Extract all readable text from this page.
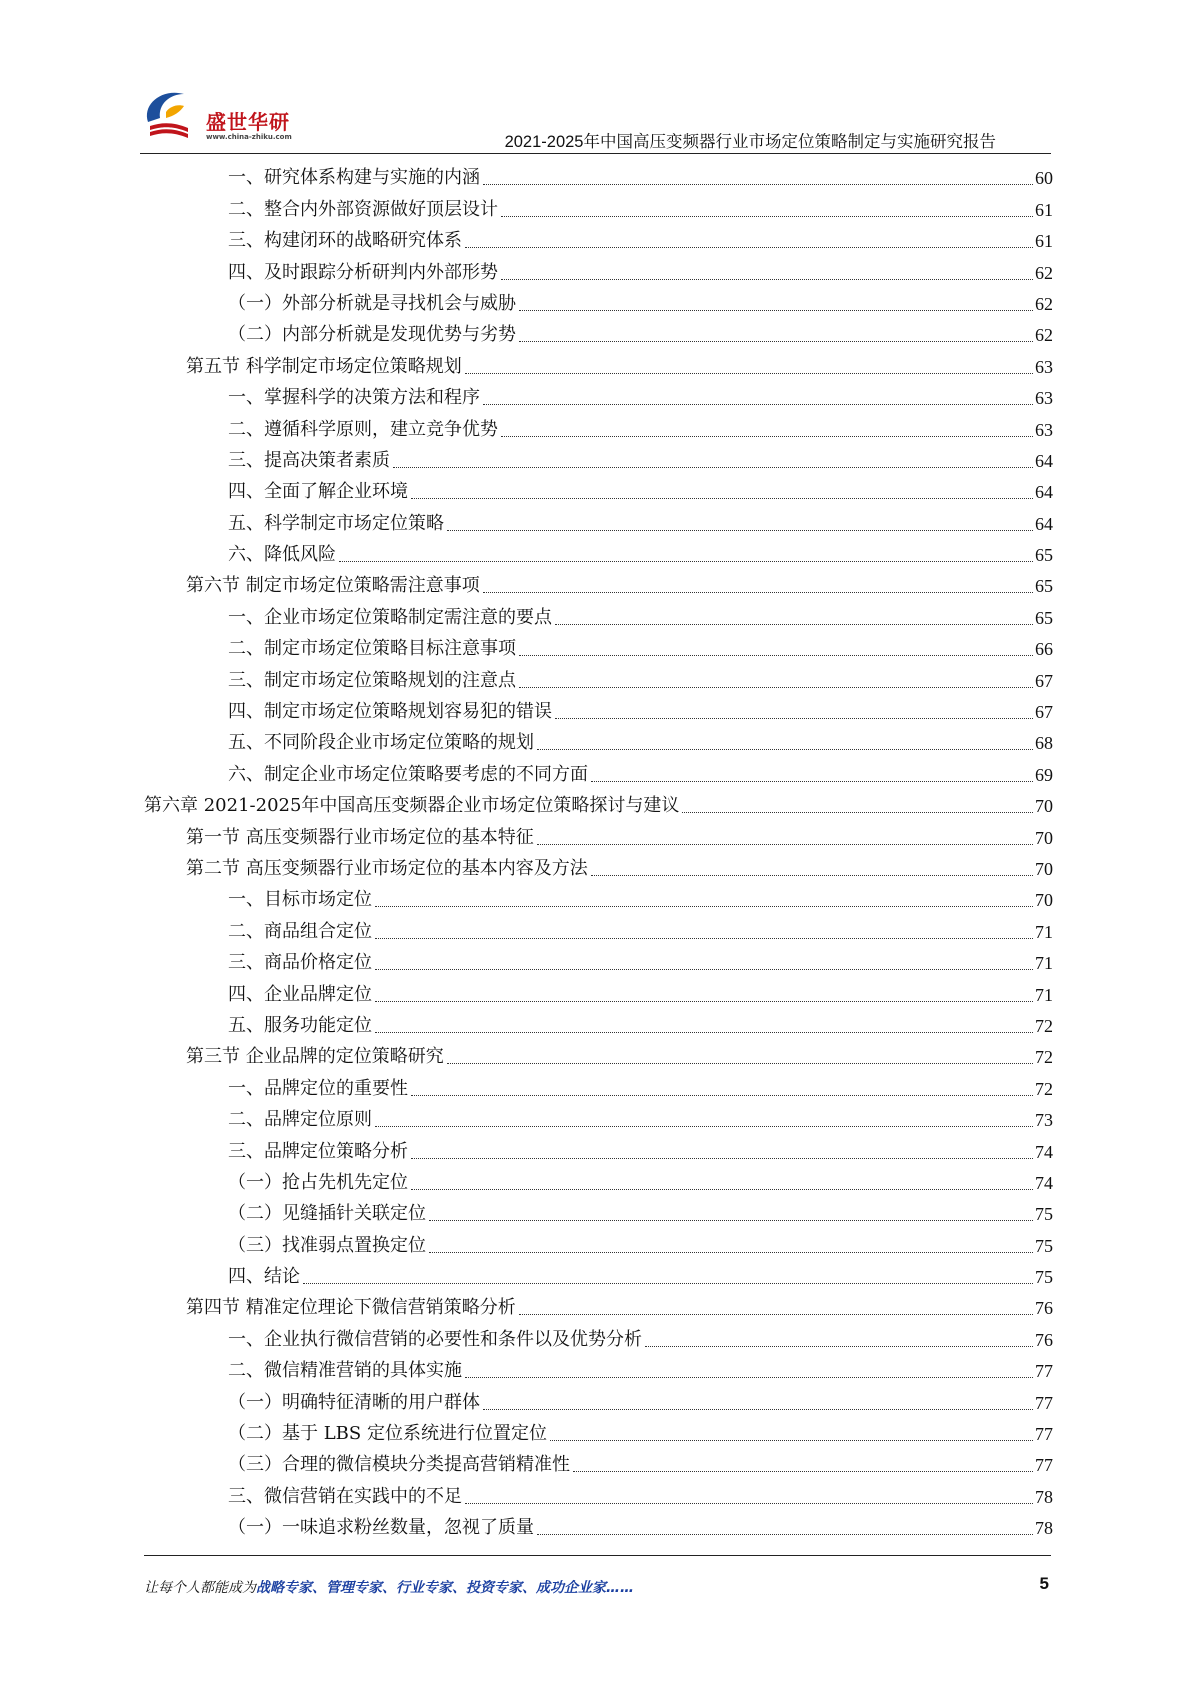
盛世华研
www.china-zhiku.com	2021-2025年中国高压变频器行业市场定位策略制定与实施研究报告
一、研究体系构建与实施的内涵	60
二、整合内外部资源做好顶层设计	61
三、构建闭环的战略研究体系	61
四、及时跟踪分析研判内外部形势	62
（一）外部分析就是寻找机会与威胁	62
（二）内部分析就是发现优势与劣势	62
第五节 科学制定市场定位策略规划	63
一、掌握科学的决策方法和程序	63
二、遵循科学原则，建立竞争优势	63
三、提高决策者素质	64
四、全面了解企业环境	64
五、科学制定市场定位策略	64
六、降低风险	65
第六节 制定市场定位策略需注意事项	65
一、企业市场定位策略制定需注意的要点	65
二、制定市场定位策略目标注意事项	66
三、制定市场定位策略规划的注意点	67
四、制定市场定位策略规划容易犯的错误	67
五、不同阶段企业市场定位策略的规划	68
六、制定企业市场定位策略要考虑的不同方面	69
第六章 2021-2025年中国高压变频器企业市场定位策略探讨与建议	70
第一节 高压变频器行业市场定位的基本特征	70
第二节 高压变频器行业市场定位的基本内容及方法	70
一、目标市场定位	70
二、商品组合定位	71
三、商品价格定位	71
四、企业品牌定位	71
五、服务功能定位	72
第三节 企业品牌的定位策略研究	72
一、品牌定位的重要性	72
二、品牌定位原则	73
三、品牌定位策略分析	74
（一）抢占先机先定位	74
（二）见缝插针关联定位	75
（三）找准弱点置换定位	75
四、结论	75
第四节 精准定位理论下微信营销策略分析	76
一、企业执行微信营销的必要性和条件以及优势分析	76
二、微信精准营销的具体实施	77
（一）明确特征清晰的用户群体	77
（二）基于 LBS 定位系统进行位置定位	77
（三）合理的微信模块分类提高营销精准性	77
三、微信营销在实践中的不足	78
（一）一味追求粉丝数量，忽视了质量	78
让每个人都能成为战略专家、管理专家、行业专家、投资专家、成功企业家……	5
